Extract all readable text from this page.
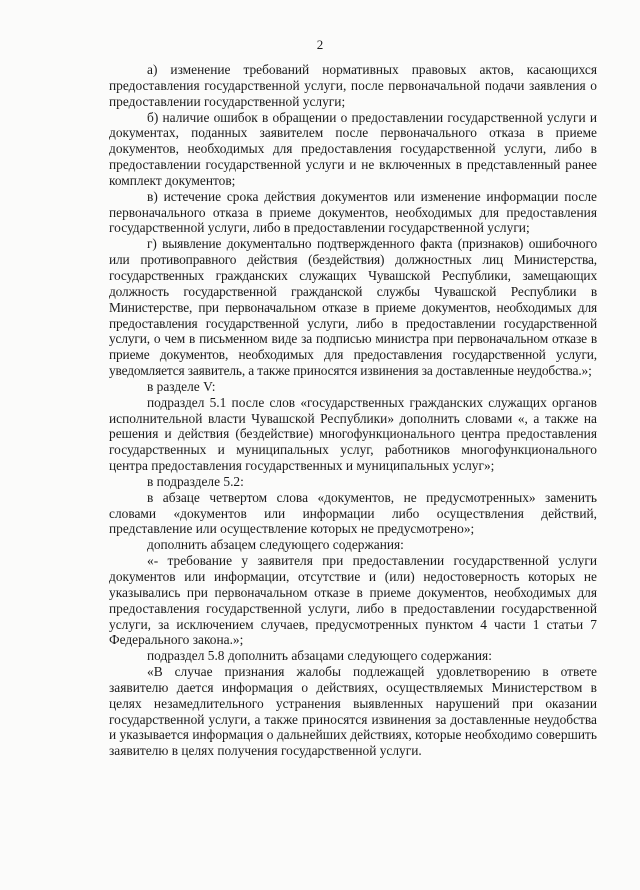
2

а) изменение требований нормативных правовых актов, касающихся предоставления государственной услуги, после первоначальной подачи заявления о предоставлении государственной услуги;

б) наличие ошибок в обращении о предоставлении государственной услуги и документах, поданных заявителем после первоначального отказа в приеме документов, необходимых для предоставления государственной услуги, либо в предоставлении государственной услуги и не включенных в представленный ранее комплект документов;

в) истечение срока действия документов или изменение информации после первоначального отказа в приеме документов, необходимых для предоставления государственной услуги, либо в предоставлении государственной услуги;

г) выявление документально подтвержденного факта (признаков) ошибочного или противоправного действия (бездействия) должностных лиц Министерства, государственных гражданских служащих Чувашской Республики, замещающих должность государственной гражданской службы Чувашской Республики в Министерстве, при первоначальном отказе в приеме документов, необходимых для предоставления государственной услуги, либо в предоставлении государственной услуги, о чем в письменном виде за подписью министра при первоначальном отказе в приеме документов, необходимых для предоставления государственной услуги, уведомляется заявитель, а также приносятся извинения за доставленные неудобства.»;

в разделе V:

подраздел 5.1 после слов «государственных гражданских служащих органов исполнительной власти Чувашской Республики» дополнить словами «, а также на решения и действия (бездействие) многофункционального центра предоставления государственных и муниципальных услуг, работников многофункционального центра предоставления государственных и муниципальных услуг»;

в подразделе 5.2:

в абзаце четвертом слова «документов, не предусмотренных» заменить словами «документов или информации либо осуществления действий, представление или осуществление которых не предусмотрено»;

дополнить абзацем следующего содержания:

«- требование у заявителя при предоставлении государственной услуги документов или информации, отсутствие и (или) недостоверность которых не указывались при первоначальном отказе в приеме документов, необходимых для предоставления государственной услуги, либо в предоставлении государственной услуги, за исключением случаев, предусмотренных пунктом 4 части 1 статьи 7 Федерального закона.»;

подраздел 5.8 дополнить абзацами следующего содержания:

«В случае признания жалобы подлежащей удовлетворению в ответе заявителю дается информация о действиях, осуществляемых Министерством в целях незамедлительного устранения выявленных нарушений при оказании государственной услуги, а также приносятся извинения за доставленные неудобства и указывается информация о дальнейших действиях, которые необходимо совершить заявителю в целях получения государственной услуги.
